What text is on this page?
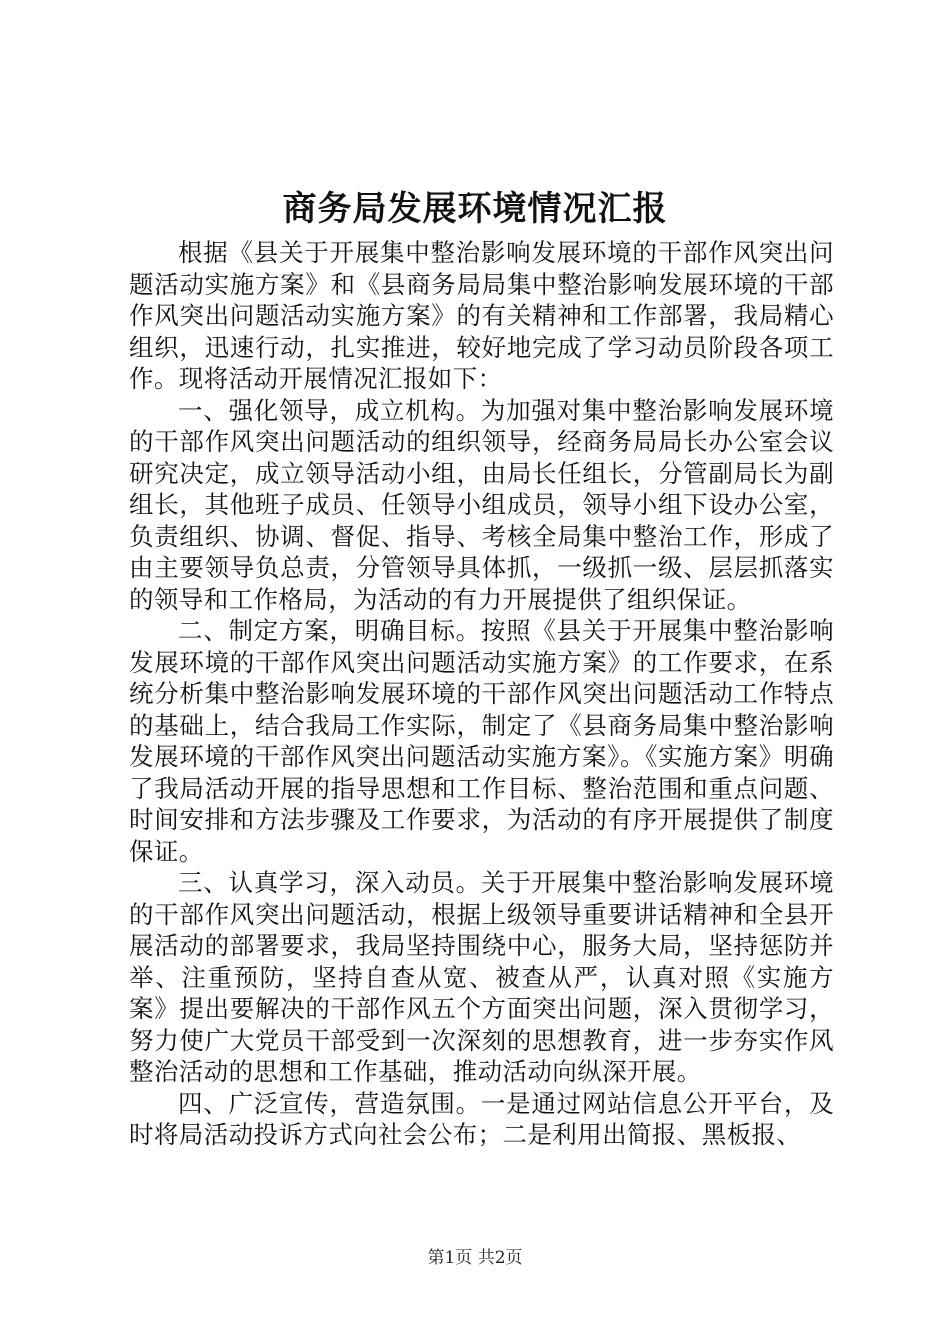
商务局发展环境情况汇报

根据《县关于开展集中整治影响发展环境的干部作风突出问题活动实施方案》和《县商务局局集中整治影响发展环境的干部作风突出问题活动实施方案》的有关精神和工作部署，我局精心组织，迅速行动，扎实推进，较好地完成了学习动员阶段各项工作。现将活动开展情况汇报如下：

一、强化领导，成立机构。为加强对集中整治影响发展环境的干部作风突出问题活动的组织领导，经商务局局长办公室会议研究决定，成立领导活动小组，由局长任组长，分管副局长为副组长，其他班子成员、任领导小组成员，领导小组下设办公室，负责组织、协调、督促、指导、考核全局集中整治工作，形成了由主要领导负总责，分管领导具体抓，一级抓一级、层层抓落实的领导和工作格局，为活动的有力开展提供了组织保证。

二、制定方案，明确目标。按照《县关于开展集中整治影响发展环境的干部作风突出问题活动实施方案》的工作要求，在系统分析集中整治影响发展环境的干部作风突出问题活动工作特点的基础上，结合我局工作实际，制定了《县商务局集中整治影响发展环境的干部作风突出问题活动实施方案》。《实施方案》明确了我局活动开展的指导思想和工作目标、整治范围和重点问题、时间安排和方法步骤及工作要求，为活动的有序开展提供了制度保证。

三、认真学习，深入动员。关于开展集中整治影响发展环境的干部作风突出问题活动，根据上级领导重要讲话精神和全县开展活动的部署要求，我局坚持围绕中心，服务大局，坚持惩防并举、注重预防，坚持自查从宽、被查从严，认真对照《实施方案》提出要解决的干部作风五个方面突出问题，深入贯彻学习，努力使广大党员干部受到一次深刻的思想教育，进一步夯实作风整治活动的思想和工作基础，推动活动向纵深开展。

四、广泛宣传，营造氛围。一是通过网站信息公开平台，及时将局活动投诉方式向社会公布；二是利用出简报、黑板报、

第1页 共2页
